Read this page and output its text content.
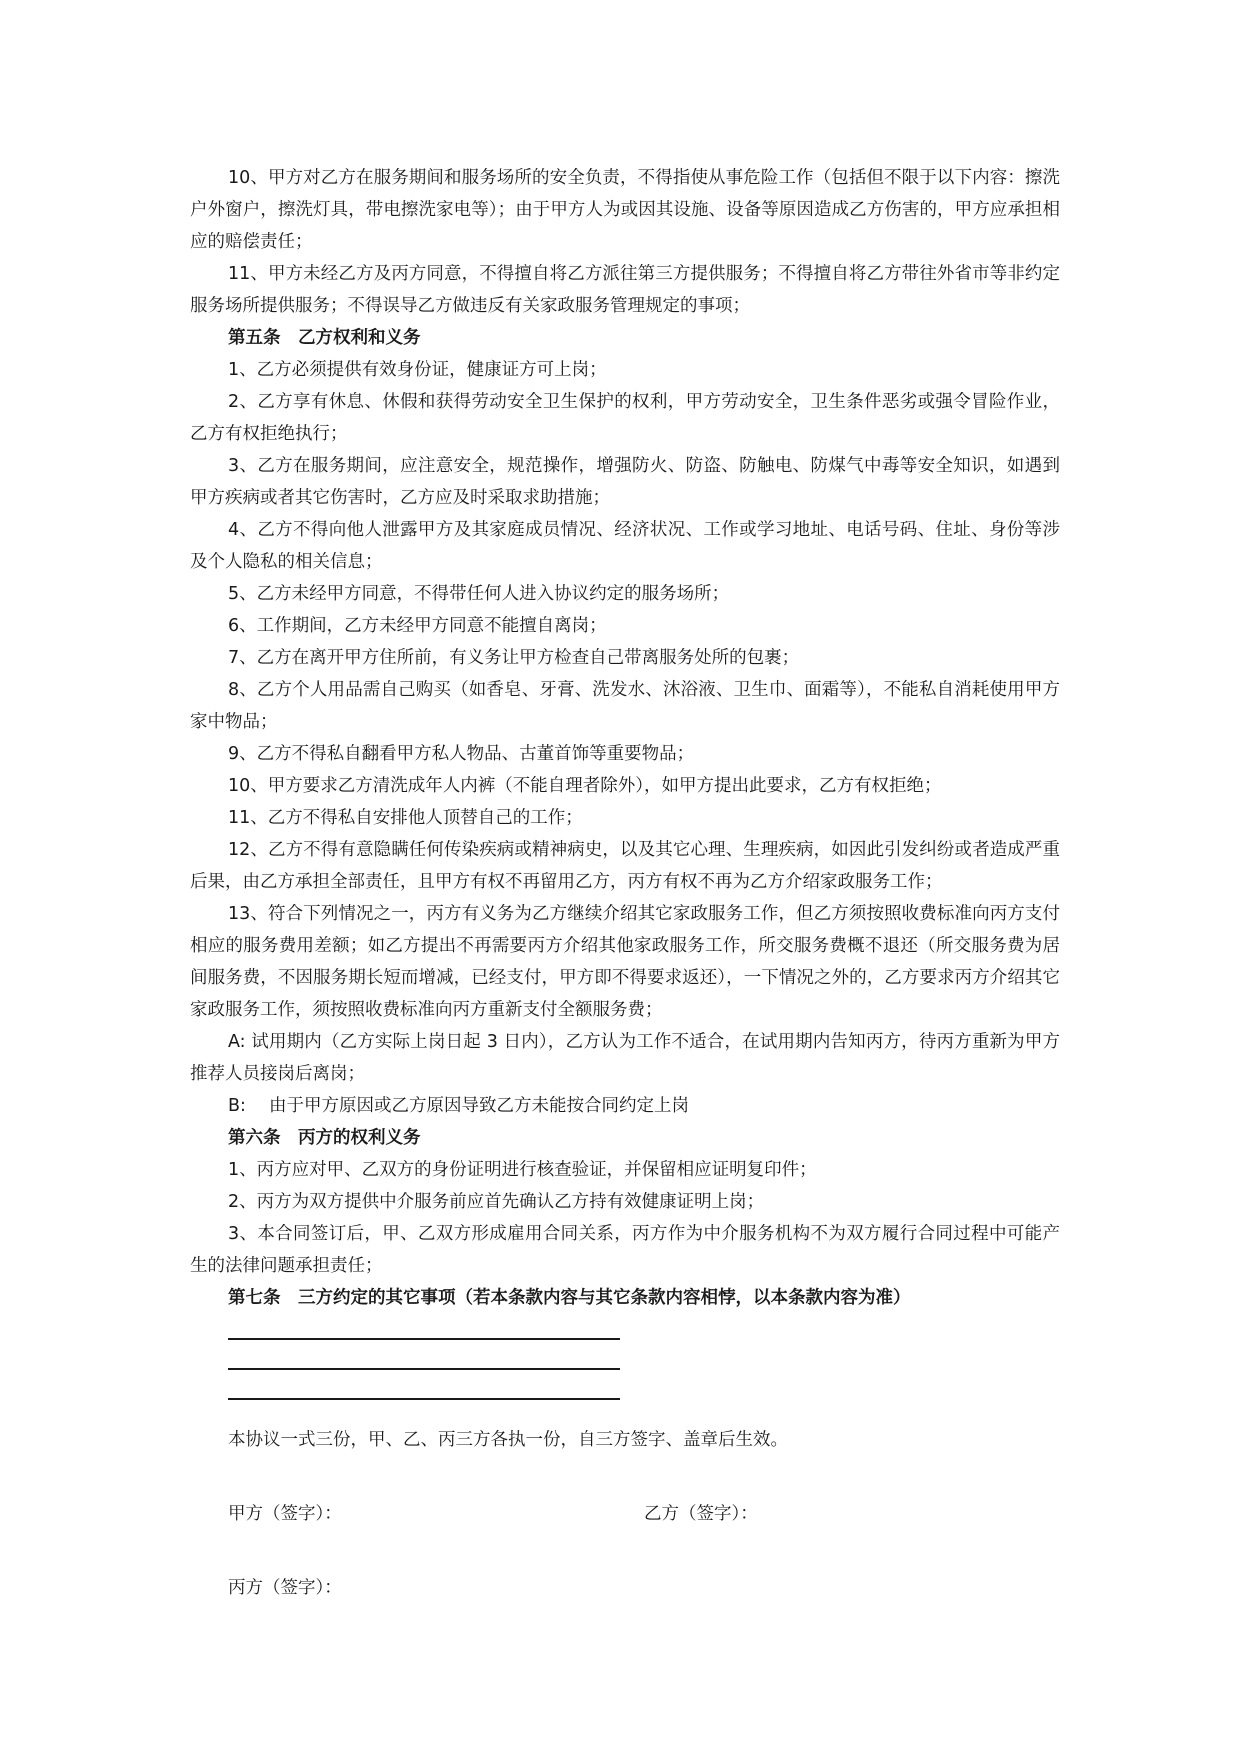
10、甲方对乙方在服务期间和服务场所的安全负责，不得指使从事危险工作（包括但不限于以下内容：擦洗户外窗户，擦洗灯具，带电擦洗家电等）；由于甲方人为或因其设施、设备等原因造成乙方伤害的，甲方应承担相应的赔偿责任；

11、甲方未经乙方及丙方同意，不得擅自将乙方派往第三方提供服务；不得擅自将乙方带往外省市等非约定服务场所提供服务；不得误导乙方做违反有关家政服务管理规定的事项；

第五条　乙方权利和义务

1、乙方必须提供有效身份证，健康证方可上岗；

2、乙方享有休息、休假和获得劳动安全卫生保护的权利，甲方劳动安全，卫生条件恶劣或强令冒险作业，乙方有权拒绝执行；

3、乙方在服务期间，应注意安全，规范操作，增强防火、防盗、防触电、防煤气中毒等安全知识，如遇到甲方疾病或者其它伤害时，乙方应及时采取求助措施；

4、乙方不得向他人泄露甲方及其家庭成员情况、经济状况、工作或学习地址、电话号码、住址、身份等涉及个人隐私的相关信息；

5、乙方未经甲方同意，不得带任何人进入协议约定的服务场所；

6、工作期间，乙方未经甲方同意不能擅自离岗；

7、乙方在离开甲方住所前，有义务让甲方检查自己带离服务处所的包裹；

8、乙方个人用品需自己购买（如香皂、牙膏、洗发水、沐浴液、卫生巾、面霜等），不能私自消耗使用甲方家中物品；

9、乙方不得私自翻看甲方私人物品、古董首饰等重要物品；

10、甲方要求乙方清洗成年人内裤（不能自理者除外），如甲方提出此要求，乙方有权拒绝；

11、乙方不得私自安排他人顶替自己的工作；

12、乙方不得有意隐瞒任何传染疾病或精神病史，以及其它心理、生理疾病，如因此引发纠纷或者造成严重后果，由乙方承担全部责任，且甲方有权不再留用乙方，丙方有权不再为乙方介绍家政服务工作；

13、符合下列情况之一，丙方有义务为乙方继续介绍其它家政服务工作，但乙方须按照收费标准向丙方支付相应的服务费用差额；如乙方提出不再需要丙方介绍其他家政服务工作，所交服务费概不退还（所交服务费为居间服务费，不因服务期长短而增减，已经支付，甲方即不得要求返还），一下情况之外的，乙方要求丙方介绍其它家政服务工作，须按照收费标准向丙方重新支付全额服务费；

A: 试用期内（乙方实际上岗日起 3 日内），乙方认为工作不适合，在试用期内告知丙方，待丙方重新为甲方推荐人员接岗后离岗；

B:　 由于甲方原因或乙方原因导致乙方未能按合同约定上岗

第六条　丙方的权利义务

1、丙方应对甲、乙双方的身份证明进行核查验证，并保留相应证明复印件；

2、丙方为双方提供中介服务前应首先确认乙方持有效健康证明上岗；

3、本合同签订后，甲、乙双方形成雇用合同关系，丙方作为中介服务机构不为双方履行合同过程中可能产生的法律问题承担责任；

第七条　三方约定的其它事项（若本条款内容与其它条款内容相悖，以本条款内容为准）

本协议一式三份，甲、乙、丙三方各执一份，自三方签字、盖章后生效。
甲方（签字）：	乙方（签字）：
丙方（签字）：
